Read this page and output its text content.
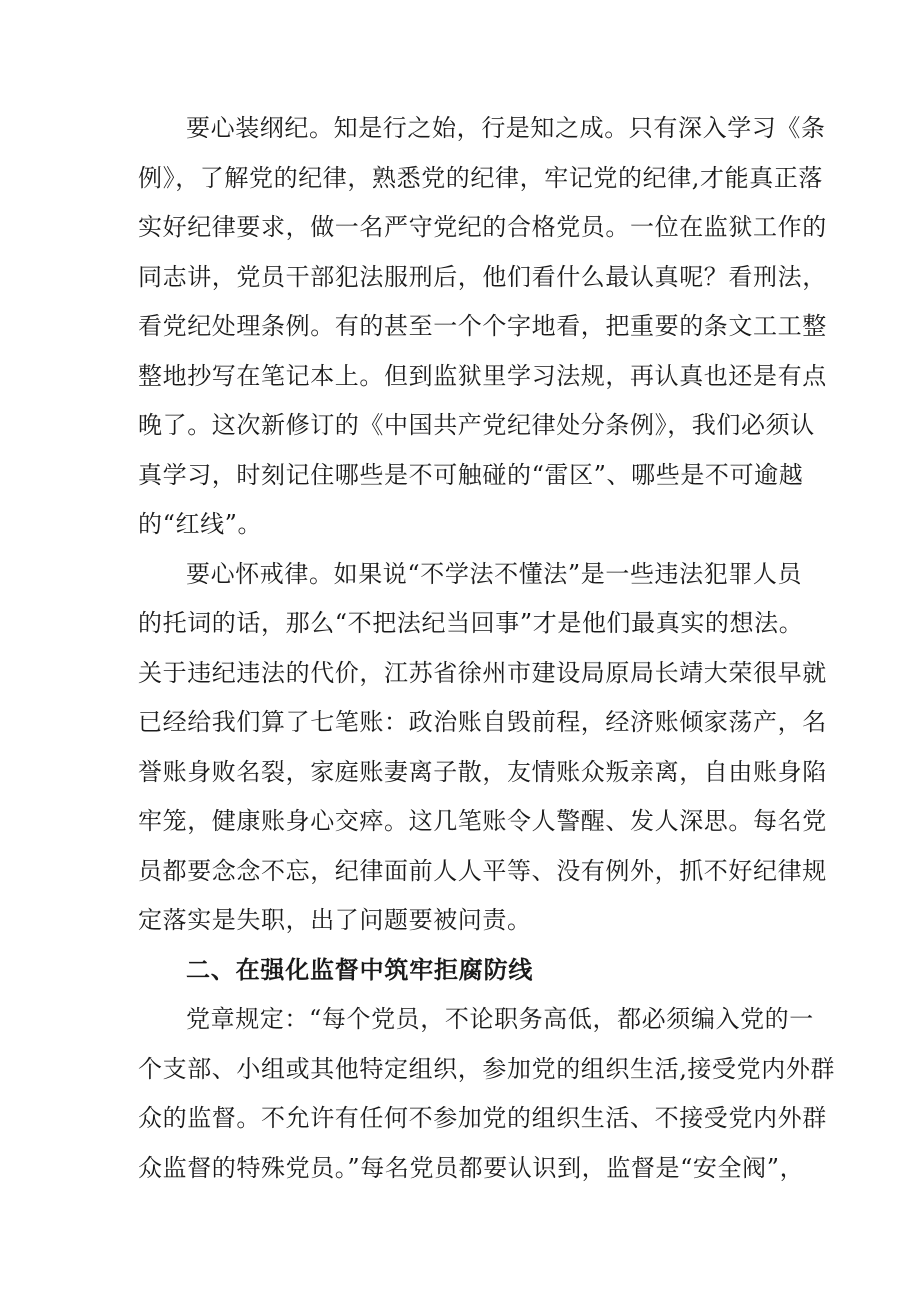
要心装纲纪。知是行之始，行是知之成。只有深入学习《条
例》，了解党的纪律，熟悉党的纪律，牢记党的纪律,才能真正落
实好纪律要求，做一名严守党纪的合格党员。一位在监狱工作的
同志讲，党员干部犯法服刑后，他们看什么最认真呢？看刑法，
看党纪处理条例。有的甚至一个个字地看，把重要的条文工工整
整地抄写在笔记本上。但到监狱里学习法规，再认真也还是有点
晚了。这次新修订的《中国共产党纪律处分条例》，我们必须认
真学习，时刻记住哪些是不可触碰的“雷区”、哪些是不可逾越
的“红线”。
要心怀戒律。如果说“不学法不懂法”是一些违法犯罪人员
的托词的话，那么“不把法纪当回事”才是他们最真实的想法。
关于违纪违法的代价，江苏省徐州市建设局原局长靖大荣很早就
已经给我们算了七笔账：政治账自毁前程，经济账倾家荡产，名
誉账身败名裂，家庭账妻离子散，友情账众叛亲离，自由账身陷
牢笼，健康账身心交瘁。这几笔账令人警醒、发人深思。每名党
员都要念念不忘，纪律面前人人平等、没有例外，抓不好纪律规
定落实是失职，出了问题要被问责。
二、在强化监督中筑牢拒腐防线
党章规定：“每个党员，不论职务高低，都必须编入党的一
个支部、小组或其他特定组织，参加党的组织生活,接受党内外群
众的监督。不允许有任何不参加党的组织生活、不接受党内外群
众监督的特殊党员。”每名党员都要认识到，监督是“安全阀”，
